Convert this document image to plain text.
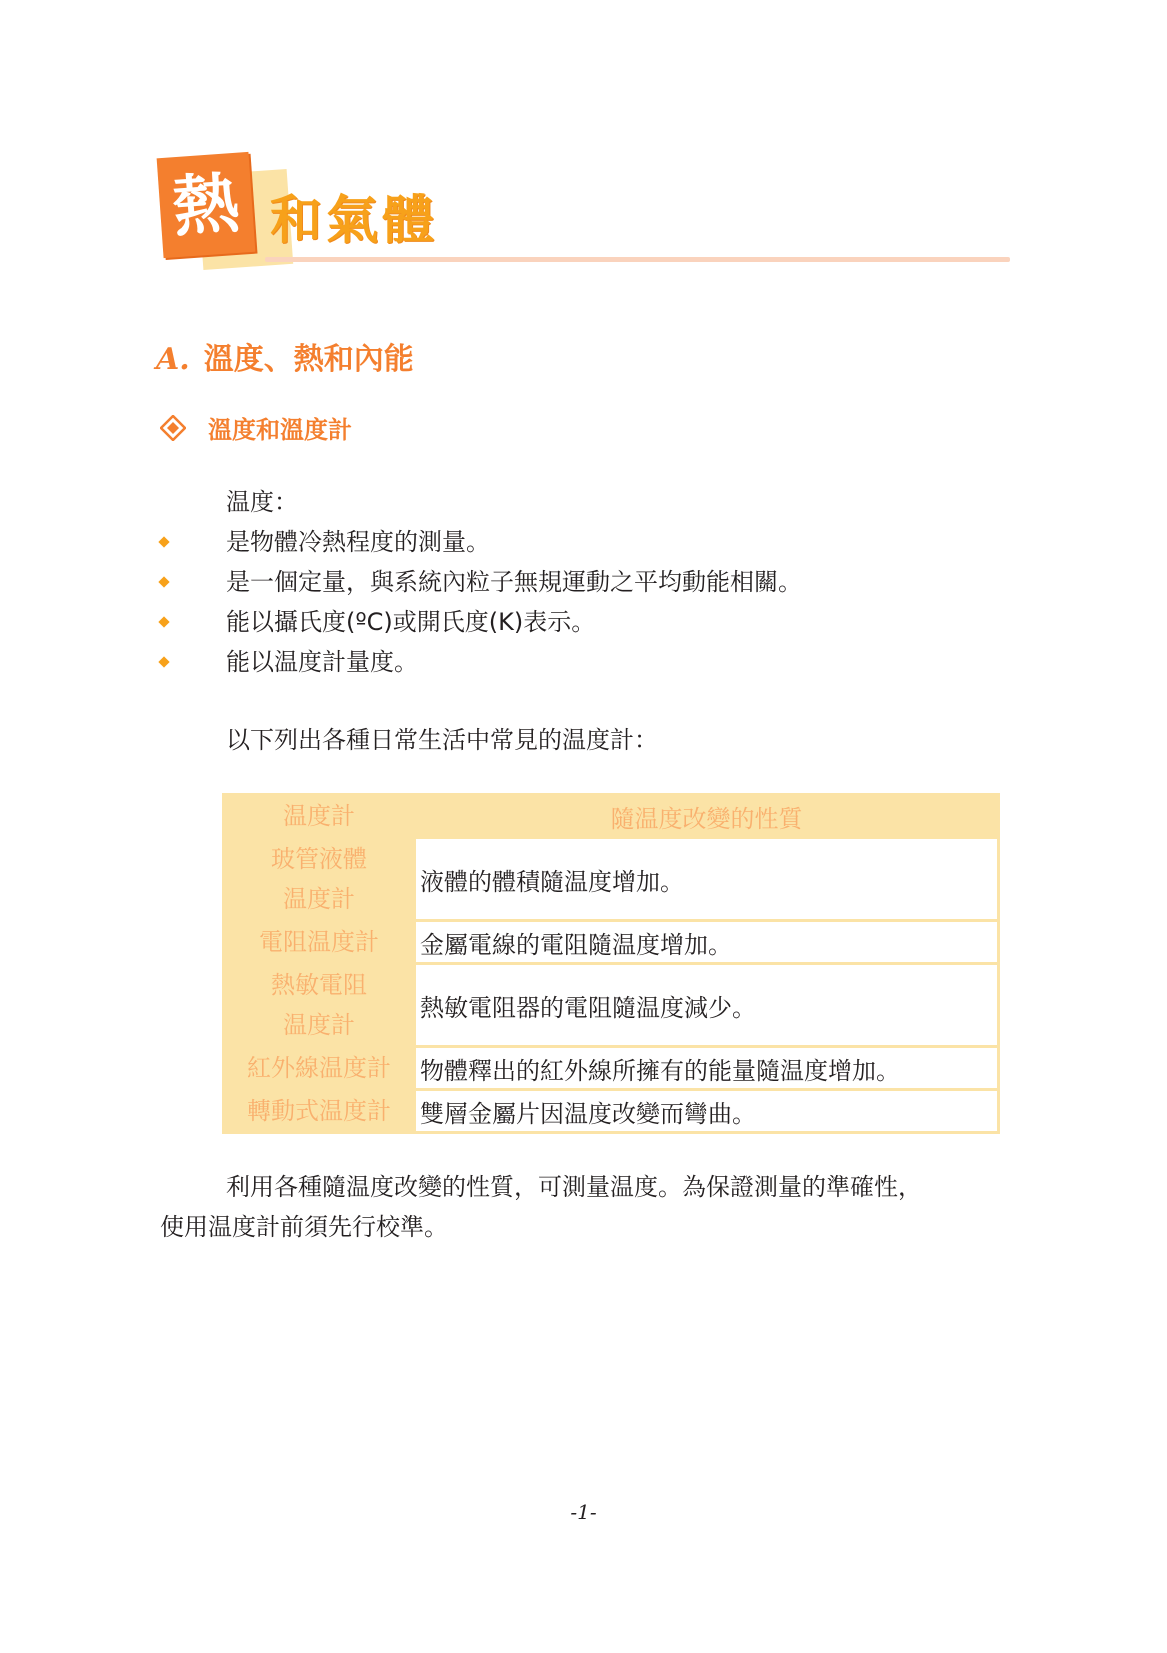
熱 和氣體
A. 溫度、熱和內能
溫度和溫度計
温度：
是物體冷熱程度的測量。
是一個定量，與系統內粒子無規運動之平均動能相關。
能以攝氏度(ºC)或開氏度(K)表示。
能以温度計量度。
以下列出各種日常生活中常見的温度計：
温度計	隨温度改變的性質
玻管液體
温度計	液體的體積隨温度增加。
電阻温度計	金屬電線的電阻隨温度增加。
熱敏電阻
温度計	熱敏電阻器的電阻隨温度減少。
紅外線温度計	物體釋出的紅外線所擁有的能量隨温度增加。
轉動式温度計	雙層金屬片因温度改變而彎曲。
利用各種隨温度改變的性質，可測量温度。為保證測量的準確性，
使用温度計前須先行校準。
-1-
